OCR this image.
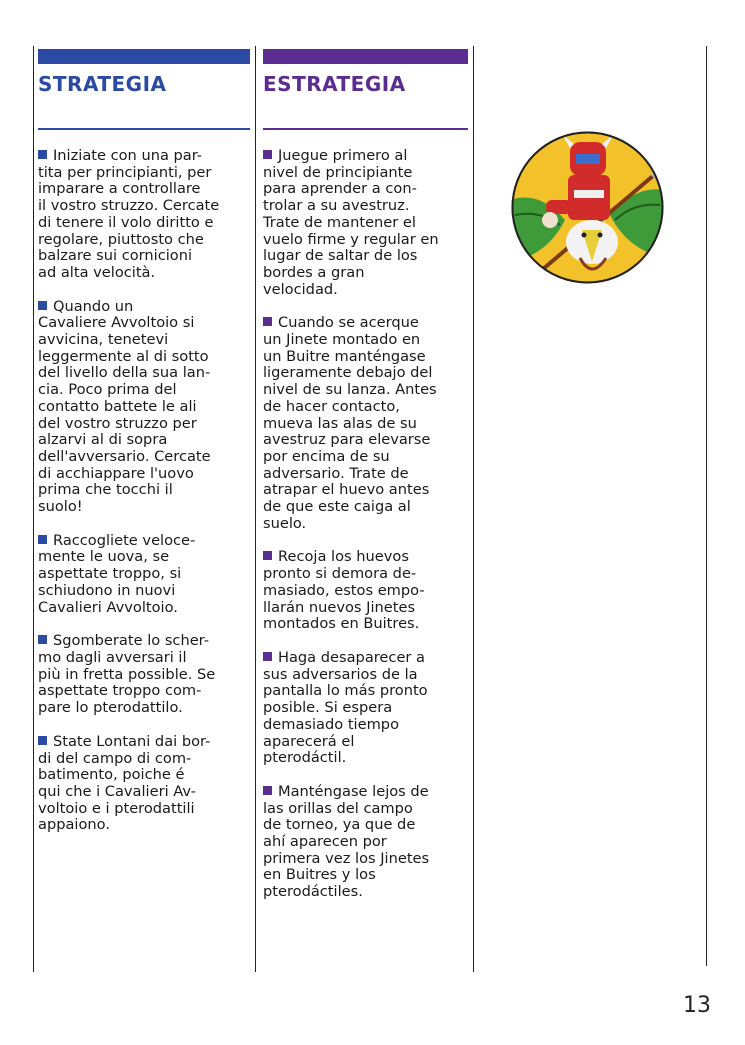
STRATEGIA

Iniziate con una par-
tita per principianti, per
imparare a controllare
il vostro struzzo. Cercate
di tenere il volo diritto e
regolare, piuttosto che
balzare sui cornicioni
ad alta velocità.

Quando un
Cavaliere Avvoltoio si
avvicina, tenetevi
leggermente al di sotto
del livello della sua lan-
cia. Poco prima del
contatto battete le ali
del vostro struzzo per
alzarvi al di sopra
dell'avversario. Cercate
di acchiappare l'uovo
prima che tocchi il
suolo!

Raccogliete veloce-
mente le uova, se
aspettate troppo, si
schiudono in nuovi
Cavalieri Avvoltoio.

Sgomberate lo scher-
mo dagli avversari il
più in fretta possible. Se
aspettate troppo com-
pare lo pterodattilo.

State Lontani dai bor-
di del campo di com-
batimento, poiche é
qui che i Cavalieri Av-
voltoio e i pterodattili
appaiono.

ESTRATEGIA

Juegue primero al
nivel de principiante
para aprender a con-
trolar a su avestruz.
Trate de mantener el
vuelo firme y regular en
lugar de saltar de los
bordes a gran
velocidad.

Cuando se acerque
un Jinete montado en
un Buitre manténgase
ligeramente debajo del
nivel de su lanza. Antes
de hacer contacto,
mueva las alas de su
avestruz para elevarse
por encima de su
adversario. Trate de
atrapar el huevo antes
de que este caiga al
suelo.

Recoja los huevos
pronto si demora de-
masiado, estos empo-
llarán nuevos Jinetes
montados en Buitres.

Haga desaparecer a
sus adversarios de la
pantalla lo más pronto
posible. Si espera
demasiado tiempo
aparecerá el
pterodáctil.

Manténgase lejos de
las orillas del campo
de torneo, ya que de
ahí aparecen por
primera vez los Jinetes
en Buitres y los
pterodáctiles.

13
